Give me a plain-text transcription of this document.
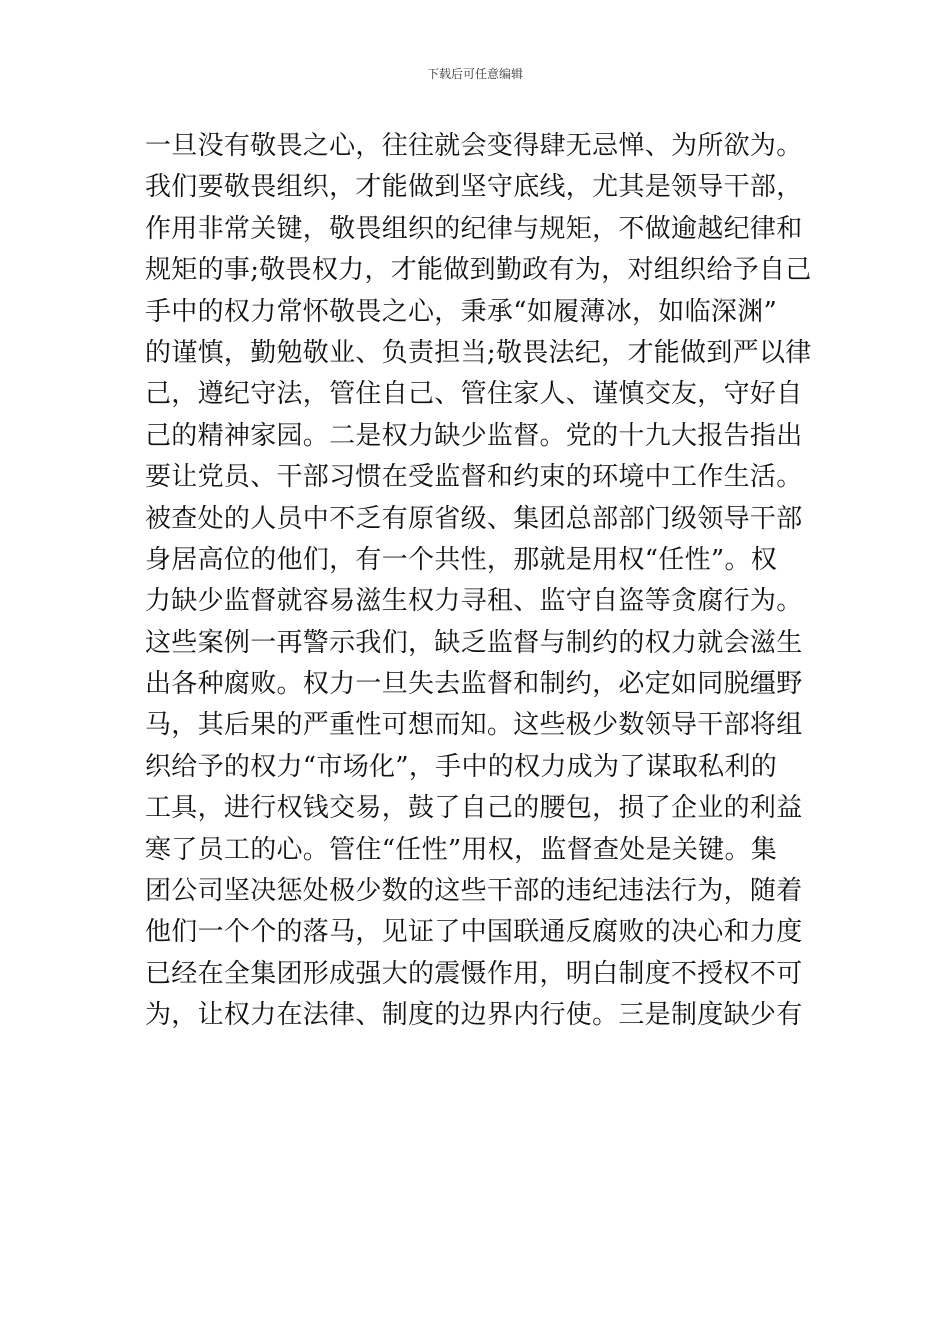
下载后可任意编辑
一旦没有敬畏之心，往往就会变得肆无忌惮、为所欲为。
我们要敬畏组织，才能做到坚守底线，尤其是领导干部，
作用非常关键，敬畏组织的纪律与规矩，不做逾越纪律和
规矩的事;敬畏权力，才能做到勤政有为，对组织给予自己
手中的权力常怀敬畏之心，秉承“如履薄冰，如临深渊”
的谨慎，勤勉敬业、负责担当;敬畏法纪，才能做到严以律
己，遵纪守法，管住自己、管住家人、谨慎交友，守好自
己的精神家园。二是权力缺少监督。党的十九大报告指出
要让党员、干部习惯在受监督和约束的环境中工作生活。
被查处的人员中不乏有原省级、集团总部部门级领导干部
身居高位的他们，有一个共性，那就是用权“任性”。权
力缺少监督就容易滋生权力寻租、监守自盗等贪腐行为。
这些案例一再警示我们，缺乏监督与制约的权力就会滋生
出各种腐败。权力一旦失去监督和制约，必定如同脱缰野
马，其后果的严重性可想而知。这些极少数领导干部将组
织给予的权力“市场化”，手中的权力成为了谋取私利的
工具，进行权钱交易，鼓了自己的腰包，损了企业的利益
寒了员工的心。管住“任性”用权，监督查处是关键。集
团公司坚决惩处极少数的这些干部的违纪违法行为，随着
他们一个个的落马，见证了中国联通反腐败的决心和力度
已经在全集团形成强大的震慑作用，明白制度不授权不可
为，让权力在法律、制度的边界内行使。三是制度缺少有
